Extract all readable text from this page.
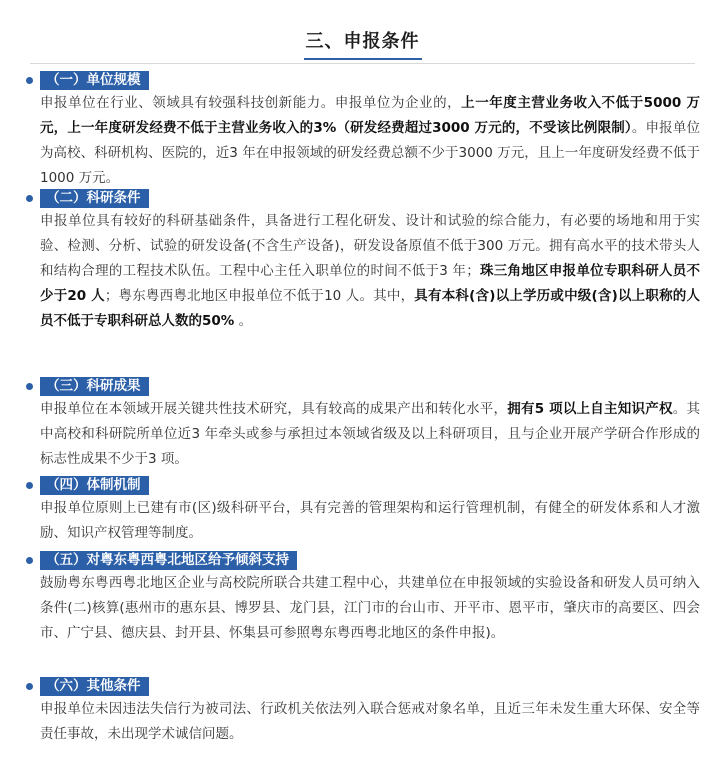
三、申报条件
（一）单位规模
申报单位在行业、领域具有较强科技创新能力。申报单位为企业的，上一年度主营业务收入不低于5000 万元，上一年度研发经费不低于主营业务收入的3%（研发经费超过3000 万元的，不受该比例限制）。申报单位为高校、科研机构、医院的，近3 年在申报领域的研发经费总额不少于3000 万元，且上一年度研发经费不低于1000 万元。
（二）科研条件
申报单位具有较好的科研基础条件，具备进行工程化研发、设计和试验的综合能力，有必要的场地和用于实验、检测、分析、试验的研发设备(不含生产设备)，研发设备原值不低于300 万元。拥有高水平的技术带头人和结构合理的工程技术队伍。工程中心主任入职单位的时间不低于3 年；珠三角地区申报单位专职科研人员不少于20 人；粤东粤西粤北地区申报单位不低于10 人。其中，具有本科(含)以上学历或中级(含)以上职称的人员不低于专职科研总人数的50% 。
（三）科研成果
申报单位在本领域开展关键共性技术研究，具有较高的成果产出和转化水平，拥有5 项以上自主知识产权。其中高校和科研院所单位近3 年牵头或参与承担过本领域省级及以上科研项目，且与企业开展产学研合作形成的标志性成果不少于3 项。
（四）体制机制
申报单位原则上已建有市(区)级科研平台，具有完善的管理架构和运行管理机制，有健全的研发体系和人才激励、知识产权管理等制度。
（五）对粤东粤西粤北地区给予倾斜支持
鼓励粤东粤西粤北地区企业与高校院所联合共建工程中心，共建单位在申报领域的实验设备和研发人员可纳入条件(二)核算(惠州市的惠东县、博罗县、龙门县，江门市的台山市、开平市、恩平市，肇庆市的高要区、四会市、广宁县、德庆县、封开县、怀集县可参照粤东粤西粤北地区的条件申报)。
（六）其他条件
申报单位未因违法失信行为被司法、行政机关依法列入联合惩戒对象名单，且近三年未发生重大环保、安全等责任事故，未出现学术诚信问题。
